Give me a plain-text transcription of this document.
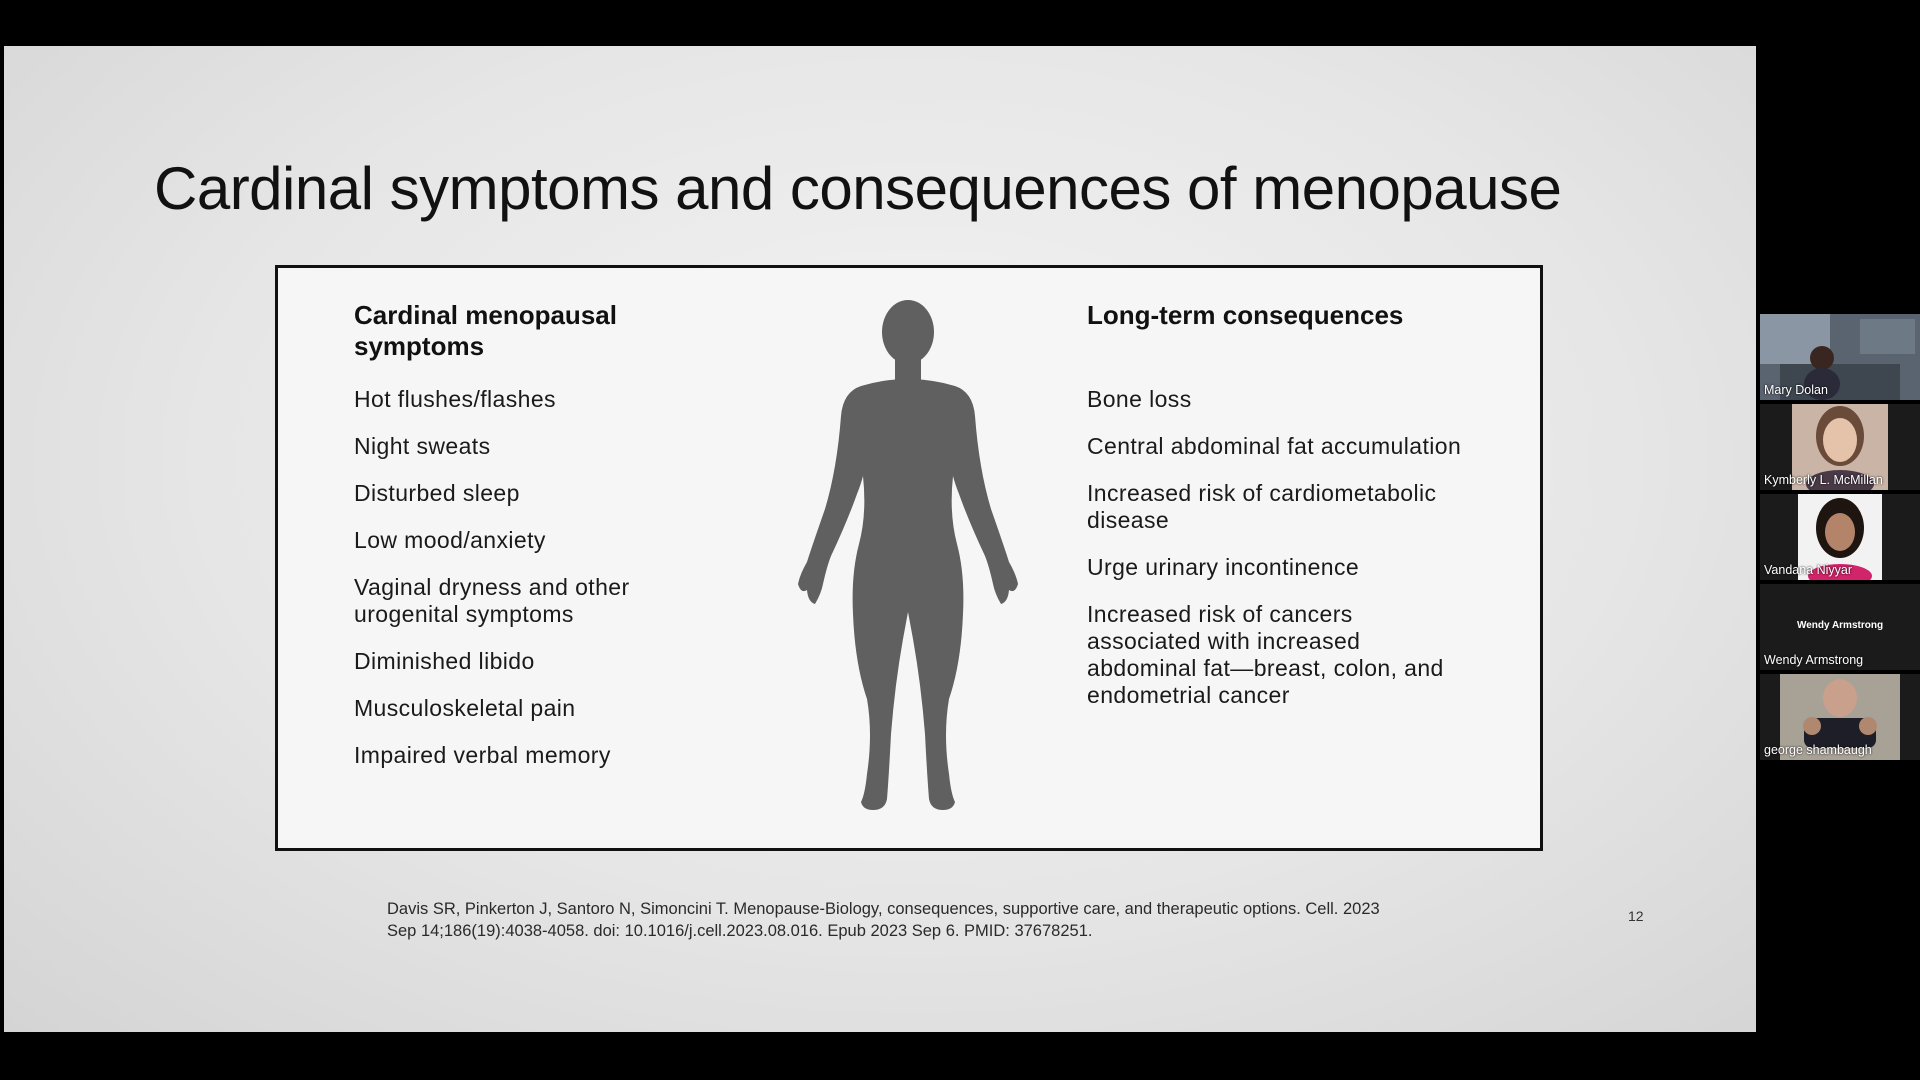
Cardinal symptoms and consequences of menopause
Cardinal menopausal symptoms
Hot flushes/flashes
Night sweats
Disturbed sleep
Low mood/anxiety
Vaginal dryness and other urogenital symptoms
Diminished libido
Musculoskeletal pain
Impaired verbal memory
Long-term consequences
Bone loss
Central abdominal fat accumulation
Increased risk of cardiometabolic disease
Urge urinary incontinence
Increased risk of cancers associated with increased abdominal fat—breast, colon, and endometrial cancer
Davis SR, Pinkerton J, Santoro N, Simoncini T. Menopause-Biology, consequences, supportive care, and therapeutic options. Cell. 2023 Sep 14;186(19):4038-4058. doi: 10.1016/j.cell.2023.08.016. Epub 2023 Sep 6. PMID: 37678251.
12
Mary Dolan
Kymberly L. McMillan
Vandana Niyyar
Wendy Armstrong
Wendy Armstrong
george shambaugh
